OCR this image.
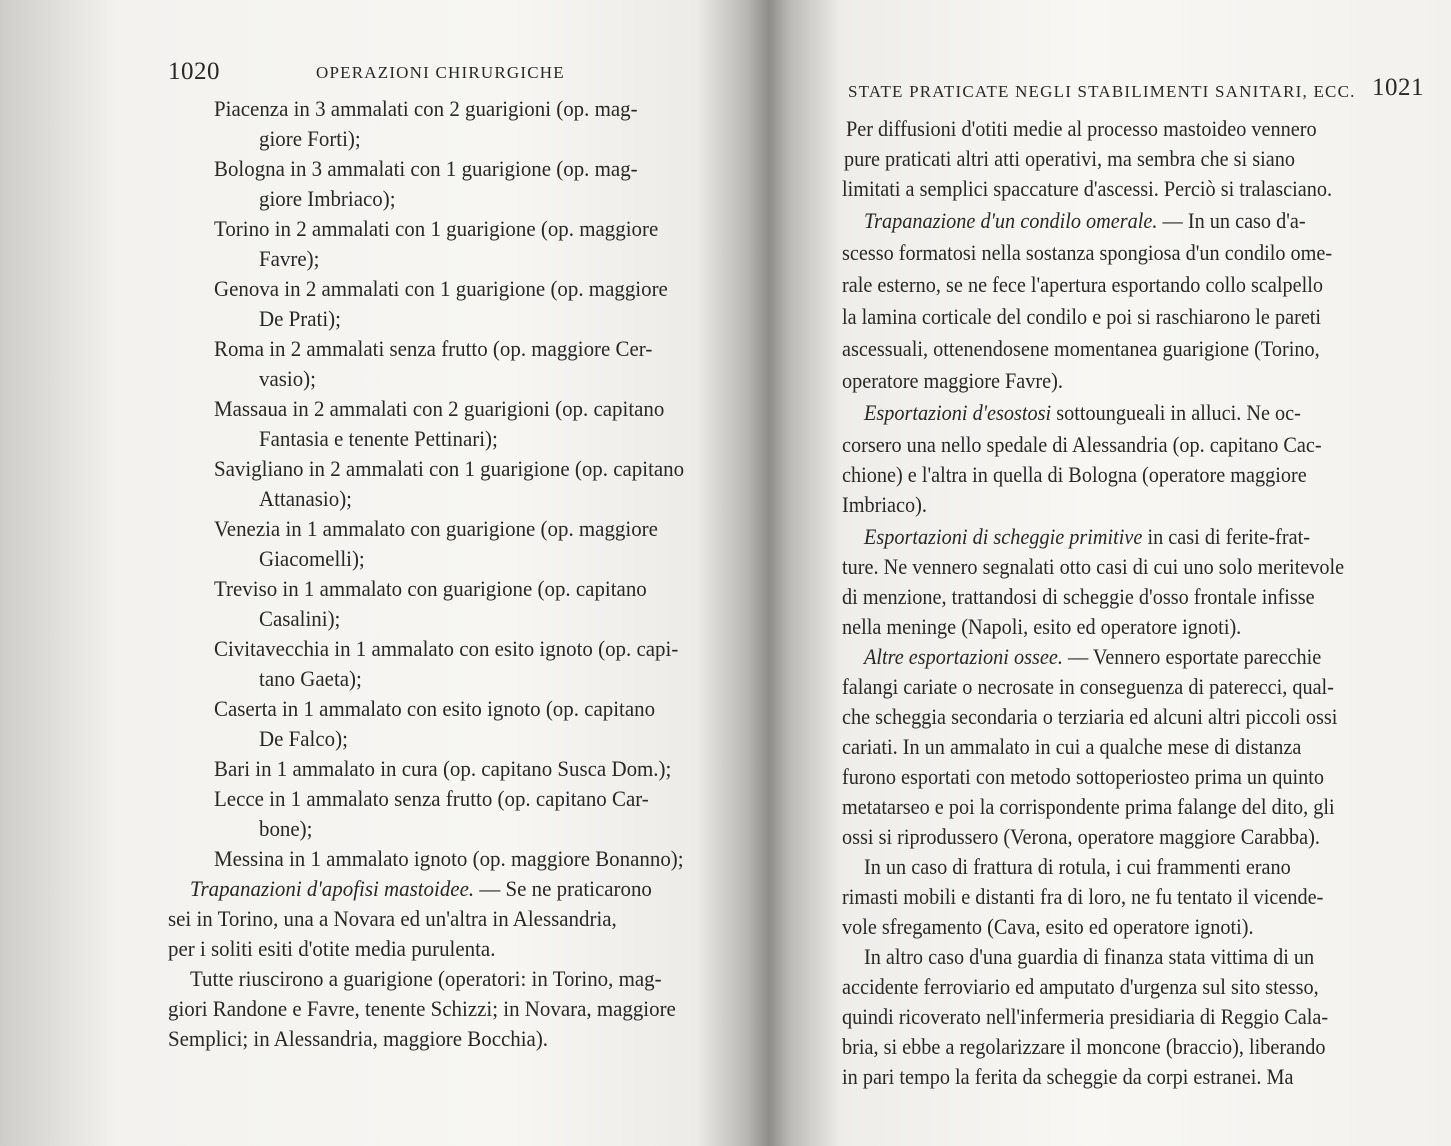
1020	OPERAZIONI CHIRURGICHE
Piacenza in 3 ammalati con 2 guarigioni (op. mag-
giore Forti);
Bologna in 3 ammalati con 1 guarigione (op. mag-
giore Imbriaco);
Torino in 2 ammalati con 1 guarigione (op. maggiore
Favre);
Genova in 2 ammalati con 1 guarigione (op. maggiore
De Prati);
Roma in 2 ammalati senza frutto (op. maggiore Cer-
vasio);
Massaua in 2 ammalati con 2 guarigioni (op. capitano
Fantasia e tenente Pettinari);
Savigliano in 2 ammalati con 1 guarigione (op. capitano
Attanasio);
Venezia in 1 ammalato con guarigione (op. maggiore
Giacomelli);
Treviso in 1 ammalato con guarigione (op. capitano
Casalini);
Civitavecchia in 1 ammalato con esito ignoto (op. capi-
tano Gaeta);
Caserta in 1 ammalato con esito ignoto (op. capitano
De Falco);
Bari in 1 ammalato in cura (op. capitano Susca Dom.);
Lecce in 1 ammalato senza frutto (op. capitano Car-
bone);
Messina in 1 ammalato ignoto (op. maggiore Bonanno);
Trapanazioni d'apofisi mastoidee. — Se ne praticarono
sei in Torino, una a Novara ed un'altra in Alessandria,
per i soliti esiti d'otite media purulenta.
Tutte riuscirono a guarigione (operatori: in Torino, mag-
giori Randone e Favre, tenente Schizzi; in Novara, maggiore
Semplici; in Alessandria, maggiore Bocchia).
STATE PRATICATE NEGLI STABILIMENTI SANITARI, ECC. 1021
Per diffusioni d'otiti medie al processo mastoideo vennero
pure praticati altri atti operativi, ma sembra che si siano
limitati a semplici spaccature d'ascessi. Perciò si tralasciano.
Trapanazione d'un condilo omerale. — In un caso d'a-
scesso formatosi nella sostanza spongiosa d'un condilo ome-
rale esterno, se ne fece l'apertura esportando collo scalpello
la lamina corticale del condilo e poi si raschiarono le pareti
ascessuali, ottenendosene momentanea guarigione (Torino,
operatore maggiore Favre).
Esportazioni d'esostosi sottoungueali in alluci. Ne oc-
corsero una nello spedale di Alessandria (op. capitano Cac-
chione) e l'altra in quella di Bologna (operatore maggiore
Imbriaco).
Esportazioni di scheggie primitive in casi di ferite-frat-
ture. Ne vennero segnalati otto casi di cui uno solo meritevole
di menzione, trattandosi di scheggie d'osso frontale infisse
nella meninge (Napoli, esito ed operatore ignoti).
Altre esportazioni ossee. — Vennero esportate parecchie
falangi cariate o necrosate in conseguenza di paterecci, qual-
che scheggia secondaria o terziaria ed alcuni altri piccoli ossi
cariati. In un ammalato in cui a qualche mese di distanza
furono esportati con metodo sottoperiosteo prima un quinto
metatarseo e poi la corrispondente prima falange del dito, gli
ossi si riprodussero (Verona, operatore maggiore Carabba).
In un caso di frattura di rotula, i cui frammenti erano
rimasti mobili e distanti fra di loro, ne fu tentato il vicende-
vole sfregamento (Cava, esito ed operatore ignoti).
In altro caso d'una guardia di finanza stata vittima di un
accidente ferroviario ed amputato d'urgenza sul sito stesso,
quindi ricoverato nell'infermeria presidiaria di Reggio Cala-
bria, si ebbe a regolarizzare il moncone (braccio), liberando
in pari tempo la ferita da scheggie da corpi estranei. Ma
